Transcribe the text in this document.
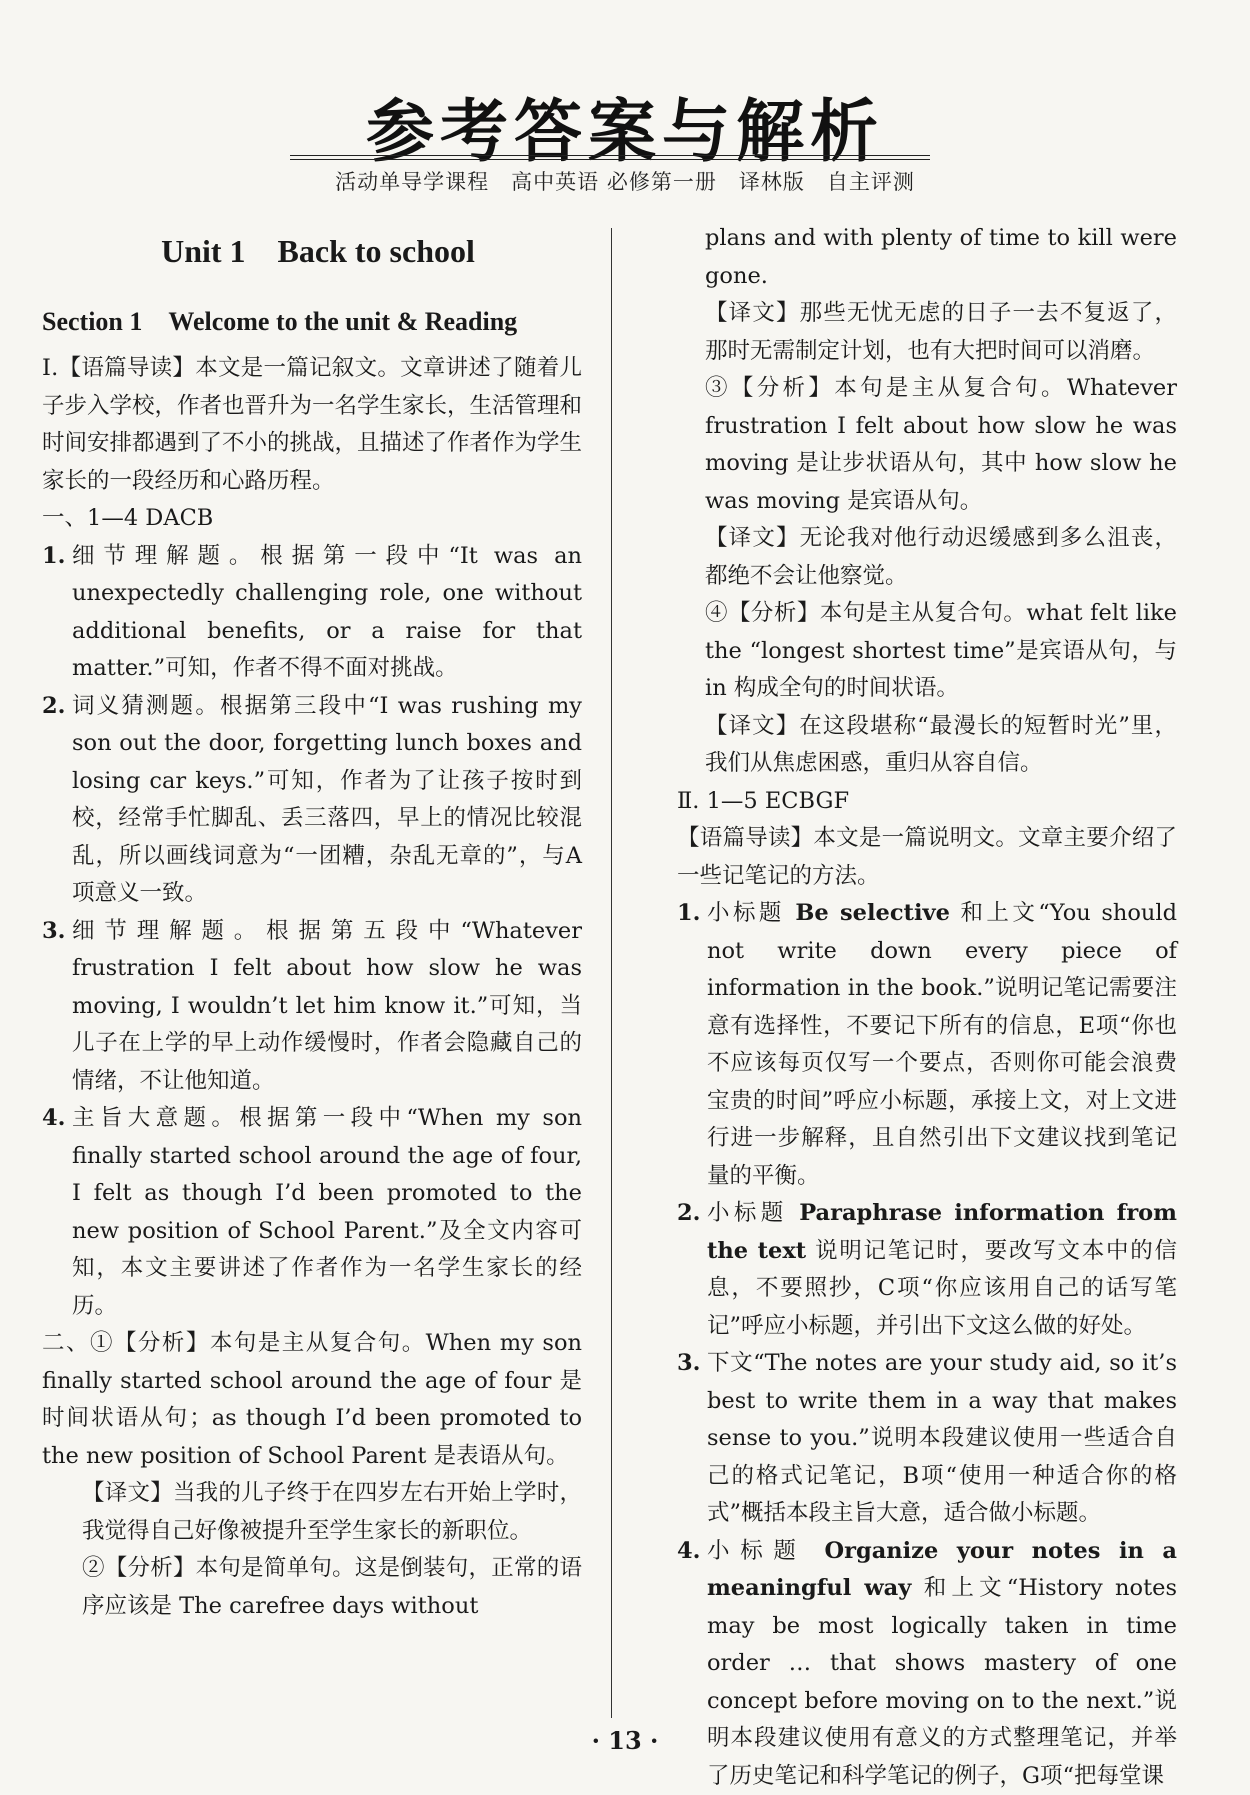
参考答案与解析
活动单导学课程　高中英语 必修第一册　译林版　自主评测
Unit 1　Back to school
Section 1　Welcome to the unit & Reading

Ⅰ.【语篇导读】本文是一篇记叙文。文章讲述了随着儿子步入学校，作者也晋升为一名学生家长，生活管理和时间安排都遇到了不小的挑战，且描述了作者作为学生家长的一段经历和心路历程。

一、1—4 DACB

1. 细节理解题。根据第一段中“It was an unexpectedly challenging role, one without additional benefits, or a raise for that matter.”可知，作者不得不面对挑战。
2. 词义猜测题。根据第三段中“I was rushing my son out the door, forgetting lunch boxes and losing car keys.”可知，作者为了让孩子按时到校，经常手忙脚乱、丢三落四，早上的情况比较混乱，所以画线词意为“一团糟，杂乱无章的”，与A项意义一致。
3. 细节理解题。根据第五段中“Whatever frustration I felt about how slow he was moving, I wouldn’t let him know it.”可知，当儿子在上学的早上动作缓慢时，作者会隐藏自己的情绪，不让他知道。
4. 主旨大意题。根据第一段中“When my son finally started school around the age of four, I felt as though I’d been promoted to the new position of School Parent.”及全文内容可知，本文主要讲述了作者作为一名学生家长的经历。

二、①【分析】本句是主从复合句。When my son finally started school around the age of four 是时间状语从句；as though I’d been promoted to the new position of School Parent 是表语从句。

【译文】当我的儿子终于在四岁左右开始上学时，我觉得自己好像被提升至学生家长的新职位。

②【分析】本句是简单句。这是倒装句，正常的语序应该是 The carefree days without

plans and with plenty of time to kill were gone.

【译文】那些无忧无虑的日子一去不复返了，那时无需制定计划，也有大把时间可以消磨。

③【分析】本句是主从复合句。Whatever frustration I felt about how slow he was moving 是让步状语从句，其中 how slow he was moving 是宾语从句。

【译文】无论我对他行动迟缓感到多么沮丧，都绝不会让他察觉。

④【分析】本句是主从复合句。what felt like the “longest shortest time”是宾语从句，与 in 构成全句的时间状语。

【译文】在这段堪称“最漫长的短暂时光”里，我们从焦虑困惑，重归从容自信。

Ⅱ. 1—5 ECBGF

【语篇导读】本文是一篇说明文。文章主要介绍了一些记笔记的方法。

1. 小标题 Be selective 和上文“You should not write down every piece of information in the book.”说明记笔记需要注意有选择性，不要记下所有的信息，E项“你也不应该每页仅写一个要点，否则你可能会浪费宝贵的时间”呼应小标题，承接上文，对上文进行进一步解释，且自然引出下文建议找到笔记量的平衡。
2. 小标题 Paraphrase information from the text 说明记笔记时，要改写文本中的信息，不要照抄，C项“你应该用自己的话写笔记”呼应小标题，并引出下文这么做的好处。
3. 下文“The notes are your study aid, so it’s best to write them in a way that makes sense to you.”说明本段建议使用一些适合自己的格式记笔记，B项“使用一种适合你的格式”概括本段主旨大意，适合做小标题。
4. 小标题 Organize your notes in a meaningful way 和上文“History notes may be most logically taken in time order … that shows mastery of one concept before moving on to the next.”说明本段建议使用有意义的方式整理笔记，并举了历史笔记和科学笔记的例子，G项“把每堂课
· 13 ·
